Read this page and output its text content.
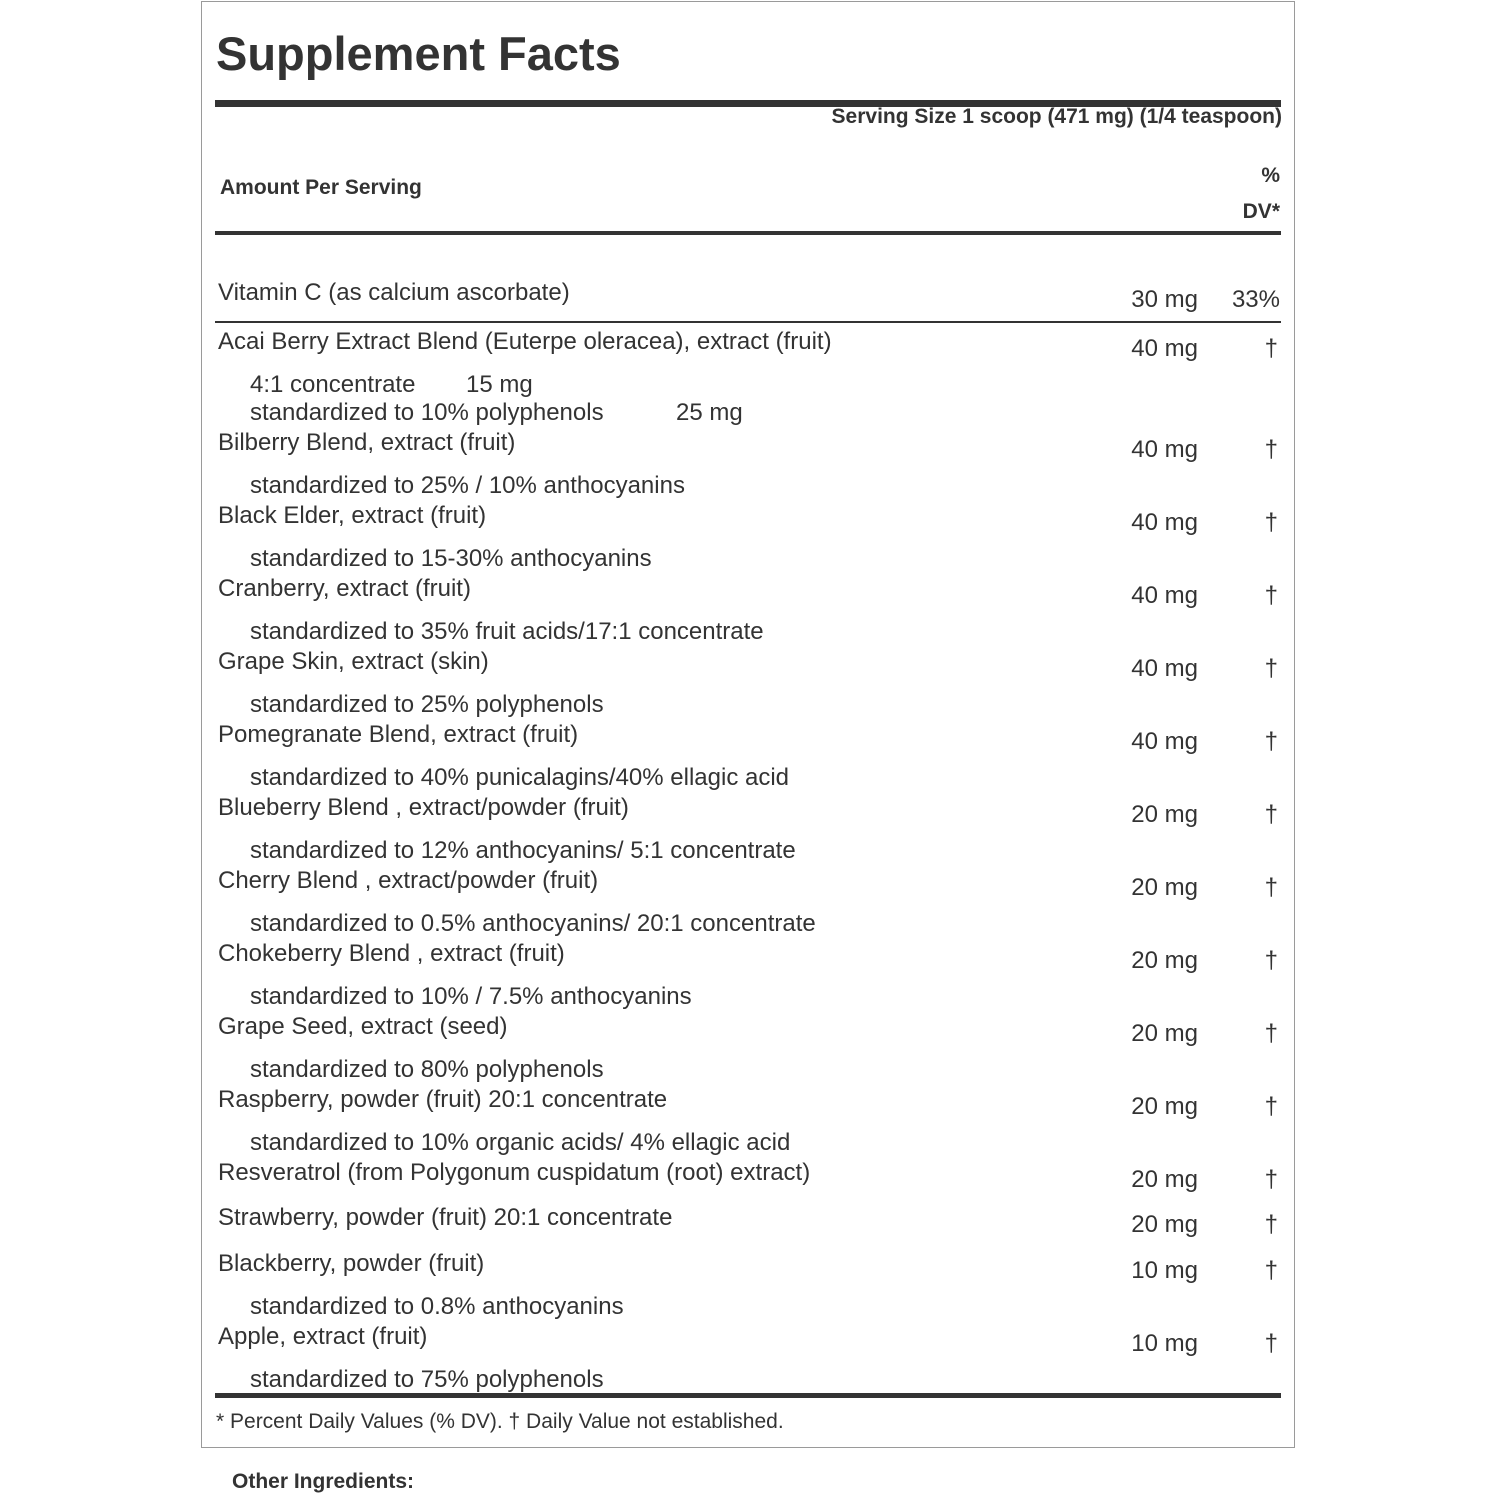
Supplement Facts
Serving Size 1 scoop (471 mg) (1/4 teaspoon)
Amount Per Serving
%
DV*
Vitamin C (as calcium ascorbate)	30 mg 33%
Acai Berry Extract Blend (Euterpe oleracea), extract (fruit)	40 mg	†
4:1 concentrate 15 mg
standardized to 10% polyphenols	25 mg
Bilberry Blend, extract (fruit)	40 mg	†
standardized to 25% / 10% anthocyanins
Black Elder, extract (fruit)	40 mg	†
standardized to 15-30% anthocyanins
Cranberry, extract (fruit)	40 mg	†
standardized to 35% fruit acids/17:1 concentrate
Grape Skin, extract (skin)	40 mg	†
standardized to 25% polyphenols
Pomegranate Blend, extract (fruit)	40 mg	†
standardized to 40% punicalagins/40% ellagic acid
Blueberry Blend , extract/powder (fruit)	20 mg	†
standardized to 12% anthocyanins/ 5:1 concentrate
Cherry Blend , extract/powder (fruit)	20 mg	†
standardized to 0.5% anthocyanins/ 20:1 concentrate
Chokeberry Blend , extract (fruit)	20 mg	†
standardized to 10% / 7.5% anthocyanins
Grape Seed, extract (seed)	20 mg	†
standardized to 80% polyphenols
Raspberry, powder (fruit) 20:1 concentrate	20 mg	†
standardized to 10% organic acids/ 4% ellagic acid
Resveratrol (from Polygonum cuspidatum (root) extract)	20 mg	†
Strawberry, powder (fruit) 20:1 concentrate	20 mg	†
Blackberry, powder (fruit)	10 mg	†
standardized to 0.8% anthocyanins
Apple, extract (fruit)	10 mg	†
standardized to 75% polyphenols
* Percent Daily Values (% DV). † Daily Value not established.
Other Ingredients:
